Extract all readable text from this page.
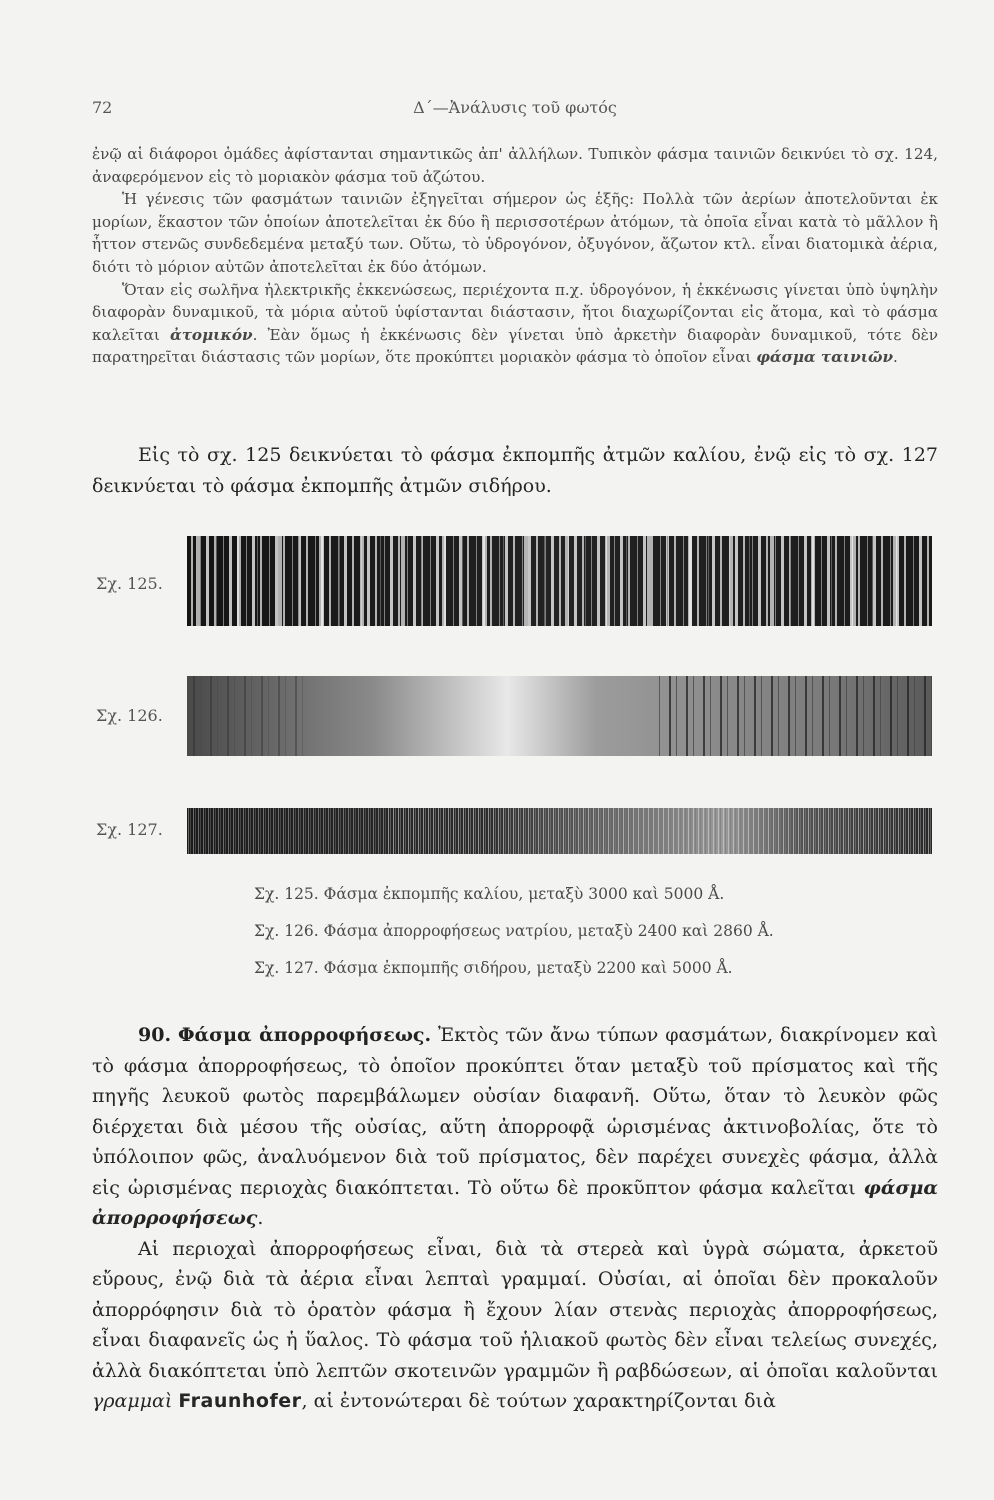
72	Δ΄—Ἀνάλυσις τοῦ φωτός

ἐνῷ αἱ διάφοροι ὁμάδες ἀφίστανται σημαντικῶς ἀπ' ἀλλήλων. Τυπικὸν φάσμα ταινιῶν δεικνύει τὸ σχ. 124, ἀναφερόμενον εἰς τὸ μοριακὸν φάσμα τοῦ ἀζώτου.

Ἡ γένεσις τῶν φασμάτων ταινιῶν ἐξηγεῖται σήμερον ὡς ἑξῆς: Πολλὰ τῶν ἀερίων ἀποτελοῦνται ἐκ μορίων, ἕκαστον τῶν ὁποίων ἀποτελεῖται ἐκ δύο ἢ περισσοτέρων ἀτόμων, τὰ ὁποῖα εἶναι κατὰ τὸ μᾶλλον ἢ ἧττον στενῶς συνδεδεμένα μεταξύ των. Οὕτω, τὸ ὑδρογόνον, ὀξυγόνον, ἄζωτον κτλ. εἶναι διατομικὰ ἀέρια, διότι τὸ μόριον αὐτῶν ἀποτελεῖται ἐκ δύο ἀτόμων.

Ὅταν εἰς σωλῆνα ἠλεκτρικῆς ἐκκενώσεως, περιέχοντα π.χ. ὑδρογόνον, ἡ ἐκκένωσις γίνεται ὑπὸ ὑψηλὴν διαφορὰν δυναμικοῦ, τὰ μόρια αὐτοῦ ὑφίστανται διάστασιν, ἤτοι διαχωρίζονται εἰς ἄτομα, καὶ τὸ φάσμα καλεῖται ἀτομικόν. Ἐὰν ὅμως ἡ ἐκκένωσις δὲν γίνεται ὑπὸ ἀρκετὴν διαφορὰν δυναμικοῦ, τότε δὲν παρατηρεῖται διάστασις τῶν μορίων, ὅτε προκύπτει μοριακὸν φάσμα τὸ ὁποῖον εἶναι φάσμα ταινιῶν.

Εἰς τὸ σχ. 125 δεικνύεται τὸ φάσμα ἐκπομπῆς ἀτμῶν καλίου, ἐνῷ εἰς τὸ σχ. 127 δεικνύεται τὸ φάσμα ἐκπομπῆς ἀτμῶν σιδήρου.

Σχ. 125.
Σχ. 126.
Σχ. 127.
Σχ. 125. Φάσμα ἐκπομπῆς καλίου, μεταξὺ 3000 καὶ 5000 Å.
Σχ. 126. Φάσμα ἀπορροφήσεως νατρίου, μεταξὺ 2400 καὶ 2860 Å.
Σχ. 127. Φάσμα ἐκπομπῆς σιδήρου, μεταξὺ 2200 καὶ 5000 Å.

90. Φάσμα ἀπορροφήσεως. Ἐκτὸς τῶν ἄνω τύπων φασμάτων, διακρίνομεν καὶ τὸ φάσμα ἀπορροφήσεως, τὸ ὁποῖον προκύπτει ὅταν μεταξὺ τοῦ πρίσματος καὶ τῆς πηγῆς λευκοῦ φωτὸς παρεμβάλωμεν οὐσίαν διαφανῆ. Οὕτω, ὅταν τὸ λευκὸν φῶς διέρχεται διὰ μέσου τῆς οὐσίας, αὕτη ἀπορροφᾷ ὡρισμένας ἀκτινοβολίας, ὅτε τὸ ὑπόλοιπον φῶς, ἀναλυόμενον διὰ τοῦ πρίσματος, δὲν παρέχει συνεχὲς φάσμα, ἀλλὰ εἰς ὡρισμένας περιοχὰς διακόπτεται. Τὸ οὕτω δὲ προκῦπτον φάσμα καλεῖται φάσμα ἀπορροφήσεως.

Αἱ περιοχαὶ ἀπορροφήσεως εἶναι, διὰ τὰ στερεὰ καὶ ὑγρὰ σώματα, ἀρκετοῦ εὔρους, ἐνῷ διὰ τὰ ἀέρια εἶναι λεπταὶ γραμμαί. Οὐσίαι, αἱ ὁποῖαι δὲν προκαλοῦν ἀπορρόφησιν διὰ τὸ ὁρατὸν φάσμα ἢ ἔχουν λίαν στενὰς περιοχὰς ἀπορροφήσεως, εἶναι διαφανεῖς ὡς ἡ ὕαλος. Τὸ φάσμα τοῦ ἡλιακοῦ φωτὸς δὲν εἶναι τελείως συνεχές, ἀλλὰ διακόπτεται ὑπὸ λεπτῶν σκοτεινῶν γραμμῶν ἢ ραβδώσεων, αἱ ὁποῖαι καλοῦνται γραμμαὶ Fraunhofer, αἱ ἐντονώτεραι δὲ τούτων χαρακτηρίζονται διὰ
